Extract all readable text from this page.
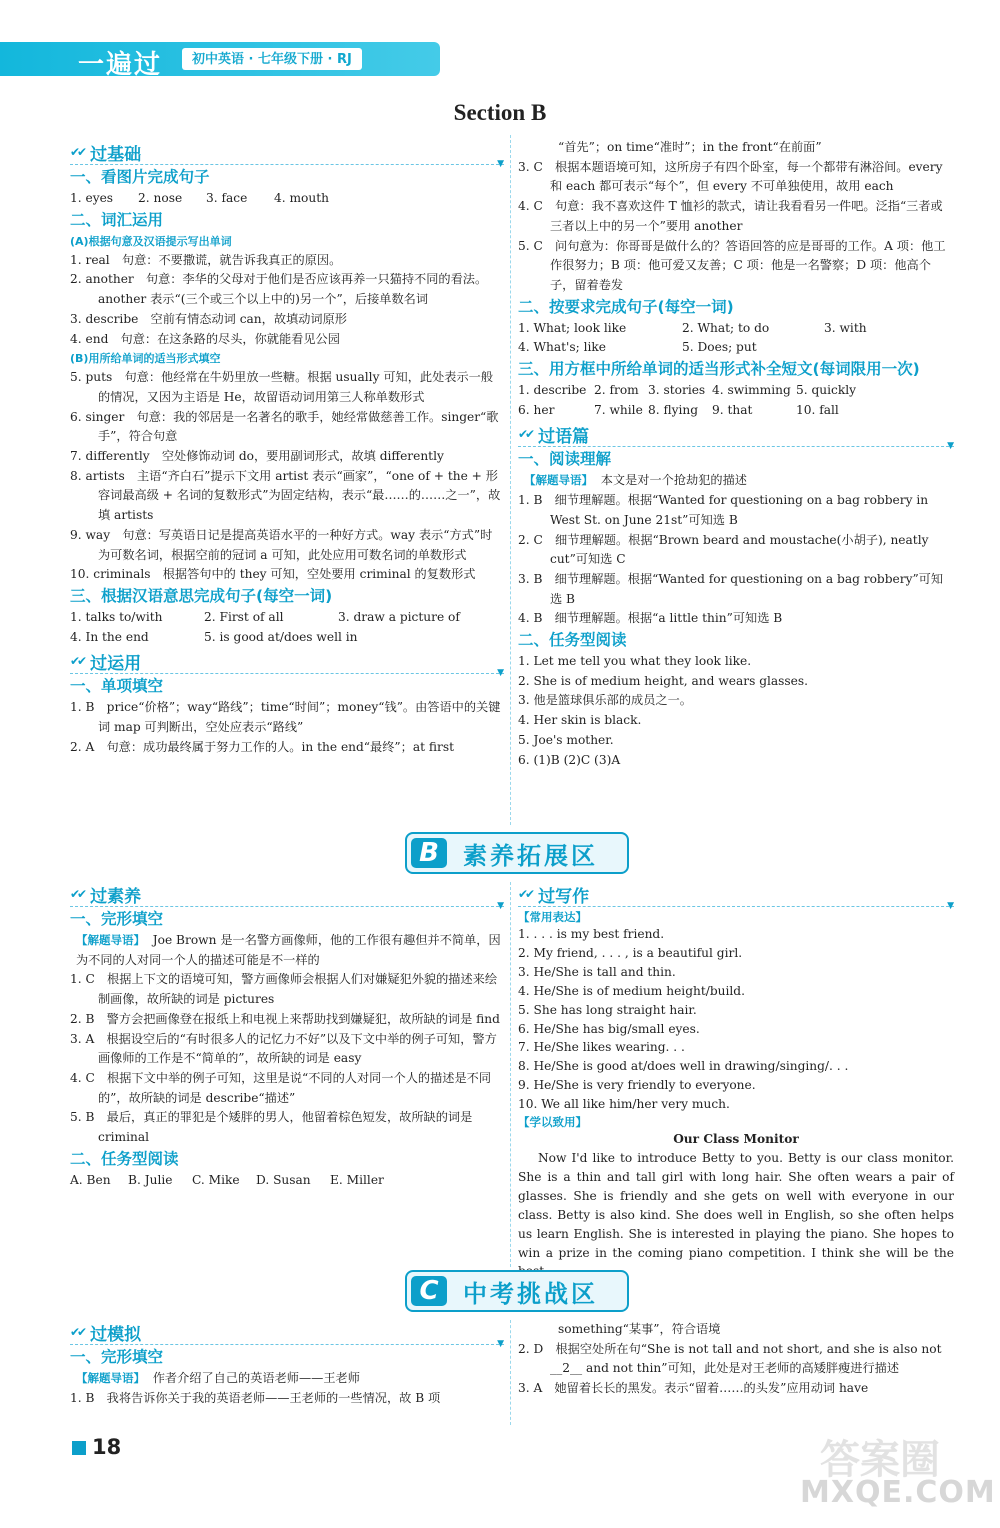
一遍过	初中英语 · 七年级下册 · RJ
Section B
✔✔ 过基础	▼
一、看图片完成句子
1. eyes	2. nose	3. face	4. mouth
二、词汇运用
(A)根据句意及汉语提示写出单词

1. real　句意：不要撒谎，就告诉我真正的原因。

2. another　句意：李华的父母对于他们是否应该再养一只猫持不同的看法。another 表示“(三个或三个以上中的)另一个”，后接单数名词

3. describe　空前有情态动词 can，故填动词原形

4. end　句意：在这条路的尽头，你就能看见公园

(B)用所给单词的适当形式填空

5. puts　句意：他经常在牛奶里放一些糖。根据 usually 可知，此处表示一般的情况，又因为主语是 He，故留语动词用第三人称单数形式

6. singer　句意：我的邻居是一名著名的歌手，她经常做慈善工作。singer“歌手”，符合句意

7. differently　空处修饰动词 do，要用副词形式，故填 differently

8. artists　主语“齐白石”提示下文用 artist 表示“画家”，“one of + the + 形容词最高级 + 名词的复数形式”为固定结构，表示“最……的……之一”，故填 artists

9. way　句意：写英语日记是提高英语水平的一种好方式。way 表示“方式”时为可数名词，根据空前的冠词 a 可知，此处应用可数名词的单数形式

10. criminals　根据答句中的 they 可知，空处要用 criminal 的复数形式

三、根据汉语意思完成句子(每空一词)
1. talks to/with	2. First of all	3. draw a picture of
4. In the end	5. is good at/does well in
✔✔ 过运用	▼
一、单项填空

1. B　price“价格”；way“路线”；time“时间”；money“钱”。由答语中的关键词 map 可判断出，空处应表示“路线”

2. A　句意：成功最终属于努力工作的人。in the end“最终”；at first

“首先”；on time“准时”；in the front“在前面”

3. C　根据本题语境可知，这所房子有四个卧室，每一个都带有淋浴间。every 和 each 都可表示“每个”，但 every 不可单独使用，故用 each

4. C　句意：我不喜欢这件 T 恤衫的款式，请让我看看另一件吧。泛指“三者或三者以上中的另一个”要用 another

5. C　问句意为：你哥哥是做什么的？答语回答的应是哥哥的工作。A 项：他工作很努力；B 项：他可爱又友善；C 项：他是一名警察；D 项：他高个子，留着卷发

二、按要求完成句子(每空一词)
1. What; look like	2. What; to do	3. with
4. What's; like	5. Does; put
三、用方框中所给单词的适当形式补全短文(每词限用一次)
1. describe 2. from 3. stories 4. swimming 5. quickly
6. her	7. while 8. flying	9. that	10. fall
✔✔ 过语篇	▼
一、阅读理解

【解题导语】 本文是对一个抢劫犯的描述

1. B　细节理解题。根据“Wanted for questioning on a bag robbery in West St. on June 21st”可知选 B

2. C　细节理解题。根据“Brown beard and moustache(小胡子), neatly cut”可知选 C

3. B　细节理解题。根据“Wanted for questioning on a bag robbery”可知选 B

4. B　细节理解题。根据“a little thin”可知选 B

二、任务型阅读

1. Let me tell you what they look like.

2. She is of medium height, and wears glasses.

3. 他是篮球俱乐部的成员之一。

4. Her skin is black.

5. Joe's mother.

6. (1)B (2)C (3)A

B	素养拓展区
✔✔ 过素养	▼
一、完形填空

【解题导语】 Joe Brown 是一名警方画像师，他的工作很有趣但并不简单，因为不同的人对同一个人的描述可能是不一样的

1. C　根据上下文的语境可知，警方画像师会根据人们对嫌疑犯外貌的描述来绘制画像，故所缺的词是 pictures

2. B　警方会把画像登在报纸上和电视上来帮助找到嫌疑犯，故所缺的词是 find

3. A　根据设空后的“有时很多人的记忆力不好”以及下文中举的例子可知，警方画像师的工作是不“简单的”，故所缺的词是 easy

4. C　根据下文中举的例子可知，这里是说“不同的人对同一个人的描述是不同的”，故所缺的词是 describe“描述”

5. B　最后，真正的罪犯是个矮胖的男人，他留着棕色短发，故所缺的词是 criminal

二、任务型阅读
A. Ben	B. Julie	C. Mike	D. Susan	E. Miller
✔✔ 过写作	▼
【常用表达】

1. . . . is my best friend.

2. My friend, . . . , is a beautiful girl.

3. He/She is tall and thin.

4. He/She is of medium height/build.

5. She has long straight hair.

6. He/She has big/small eyes.

7. He/She likes wearing. . .

8. He/She is good at/does well in drawing/singing/. . .

9. He/She is very friendly to everyone.

10. We all like him/her very much.

【学以致用】

Our Class Monitor

Now I'd like to introduce Betty to you. Betty is our class monitor. She is a thin and tall girl with long hair. She often wears a pair of glasses. She is friendly and she gets on well with everyone in our class. Betty is also kind. She does well in English, so she often helps us learn English. She is interested in playing the piano. She hopes to win a prize in the coming piano competition. I think she will be the

C	中考挑战区
✔✔ 过模拟	▼
一、完形填空

【解题导语】 作者介绍了自己的英语老师——王老师

1. B　我将告诉你关于我的英语老师——王老师的一些情况，故 B 项

something“某事”，符合语境

2. D　根据空处所在句“She is not tall and not short, and she is also not __2__ and not thin”可知，此处是对王老师的高矮胖瘦进行描述

3. A　她留着长长的黑发。表示“留着……的头发”应用动词 have

18	答案圈
MXQE.COM
